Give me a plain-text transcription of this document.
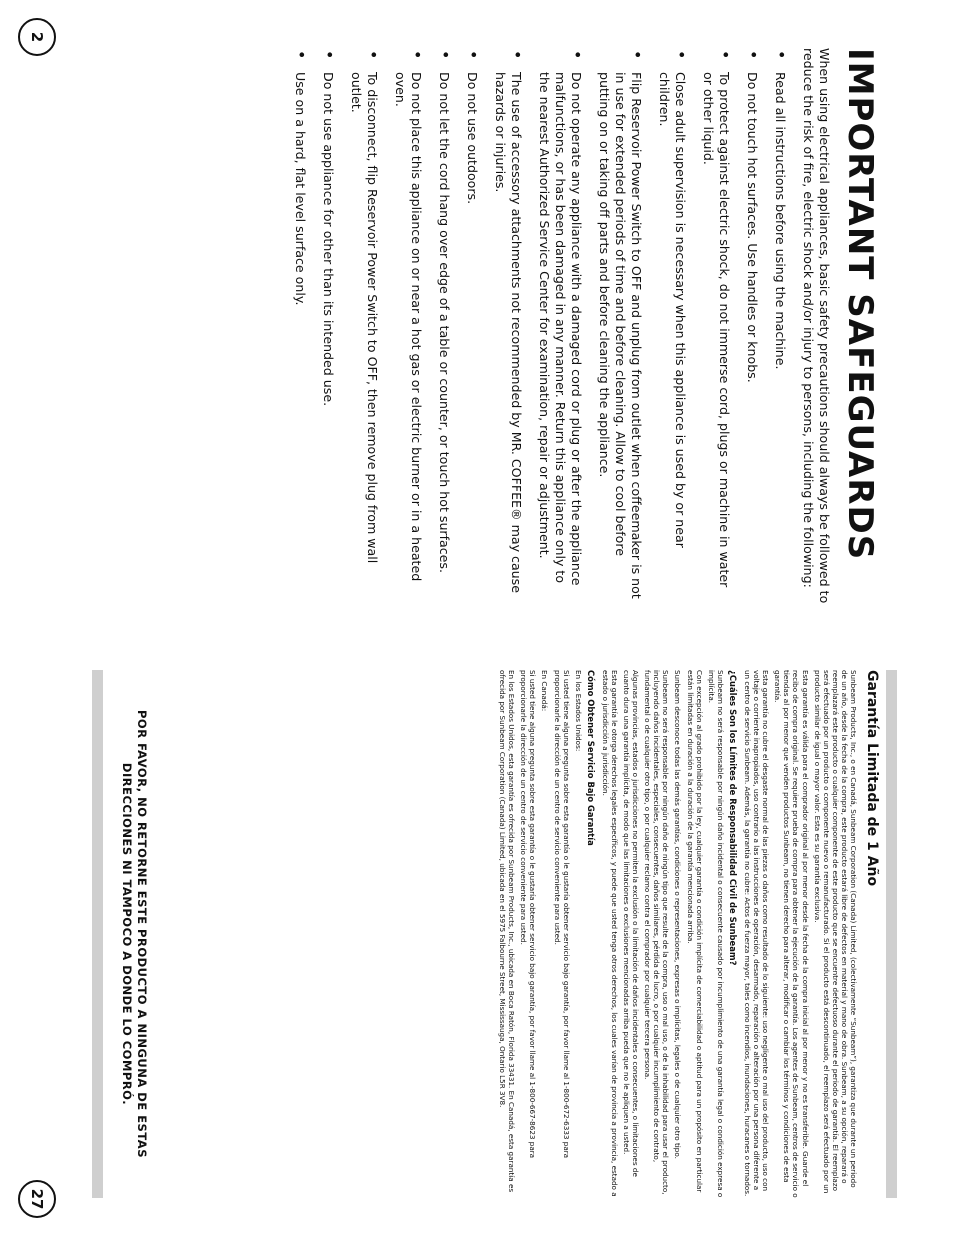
2
27
IMPORTANT SAFEGUARDS

When using electrical appliances, basic safety precautions should always be followed to reduce the risk of fire, electric shock and/or injury to persons, including the following:

• Read all instructions before using the machine.
• Do not touch hot surfaces. Use handles or knobs.
• To protect against electric shock, do not immerse cord, plugs or machine in water or other liquid.
• Close adult supervision is necessary when this appliance is used by or near children.
• Flip Reservoir Power Switch to OFF and unplug from outlet when coffeemaker is not in use for extended periods of time and before cleaning. Allow to cool before putting on or taking off parts and before cleaning the appliance.
• Do not operate any appliance with a damaged cord or plug or after the appliance malfunctions, or has been damaged in any manner. Return this appliance only to the nearest Authorized Service Center for examination, repair or adjustment.
• The use of accessory attachments not recommended by MR. COFFEE® may cause hazards or injuries.
• Do not use outdoors.
• Do not let the cord hang over edge of a table or counter, or touch hot surfaces.
• Do not place this appliance on or near a hot gas or electric burner or in a heated oven.
• To disconnect, flip Reservoir Power Switch to OFF, then remove plug from wall outlet.
• Do not use appliance for other than its intended use.
• Use on a hard, flat level surface only.
Garantía Limitada de 1 Año

Sunbeam Products, Inc., o en Canadá, Sunbeam Corporation (Canada) Limited, (colectivamente “Sunbeam”), garantiza que durante un periodo de un año, desde la fecha de la compra, este producto estará libre de defectos en material y mano de obra. Sunbeam, a su opción, reparará o reemplazará este producto o cualquier componente de este producto que se encuentre defectuoso durante el periodo de garantía. El reemplazo será efectuado por un producto o componente nuevo o remanufacturado. Si el producto está descontinuado, el reemplazo será efectuado por un producto similar de igual o mayor valor. Esta es su garantía exclusiva.

Esta garantía es válida para el comprador original al por menor desde la fecha de la compra inicial al por menor y no es transferible. Guarde el recibo de compra original. Se requiere prueba de compra para obtener la ejecución de la garantía. Los agentes de Sunbeam, centros de servicio o tiendas al por menor que venden productos Sunbeam, no tienen derecho para alterar, modificar o cambiar los términos y condiciones de esta garantía.

Esta garantía no cubre el desgaste normal de las piezas o daños como resultado de lo siguiente: uso negligente o mal uso del producto, uso con voltaje o corriente inapropiados, uso contrario a las instrucciones de operación, desarmado, reparación o alteración por una persona diferente a un centro de servicio Sunbeam. Además, la garantía no cubre: Actos de fuerza mayor, tales como incendios, inundaciones, huracanes o tornados.

¿Cuáles Son los Límites de Responsabilidad Civil de Sunbeam?

Sunbeam no será responsable por ningún daño incidental o consecuente causado por incumplimiento de una garantía legal o condición expresa o implícita.

Con excepción al grado prohibido por la ley, cualquier garantía o condición implícita de comerciabilidad o aptitud para un propósito en particular están limitadas en duración a la duración de la garantía mencionada arriba.

Sunbeam desconoce todas las demás garantías, condiciones o representaciones, expresas o implícitas, legales o de cualquier otro tipo.

Sunbeam no será responsable por ningún daño de ningún tipo que resulte de la compra, uso o mal uso, o de la inhabilidad para usar el producto, incluyendo daños incidentales, especiales, consecuentes, daños similares, pérdida de lucro, o por cualquier incumplimiento de contrato, fundamental o de cualquier otro tipo, o por cualquier reclamo contra el comprador por cualquier tercera persona.

Algunas provincias, estados o jurisdicciones no permiten la exclusión o la limitación de daños incidentales o consecuentes, o limitaciones de cuanto dura una garantía implícita, de modo que las limitaciones o exclusiones mencionadas arriba pueda que no le apliquen a usted.

Esta garantía le otorga derechos legales específicos, y puede que usted tenga otros derechos, los cuales varían de provincia a provincia, estado a estado o jurisdicción a jurisdicción.

Cómo Obtener Servicio Bajo Garantía

En los Estados Unidos:

Si usted tiene alguna pregunta sobre esta garantía o le gustaría obtener servicio bajo garantía, por favor llame al 1-800-672-6333 para proporcionarle la dirección de un centro de servicio conveniente para usted.

En Canadá:

Si usted tiene alguna pregunta sobre esta garantía o le gustaría obtener servicio bajo garantía, por favor llame al 1-800-667-8623 para proporcionarle la dirección de un centro de servicio conveniente para usted.

En los Estados Unidos, esta garantía es ofrecida por Sunbeam Products, Inc., ubicada en Boca Ratón, Florida 33431. En Canadá, esta garantía es ofrecida por Sunbeam Corporation (Canada) Limited, ubicada en el 5975 Falbourne Street, Mississauga, Ontario L5R 3V8.

POR FAVOR, NO RETORNE ESTE PRODUCTO A NINGUNA DE ESTAS DIRECCIONES NI TAMPOCO A DONDE LO COMPRÓ.
